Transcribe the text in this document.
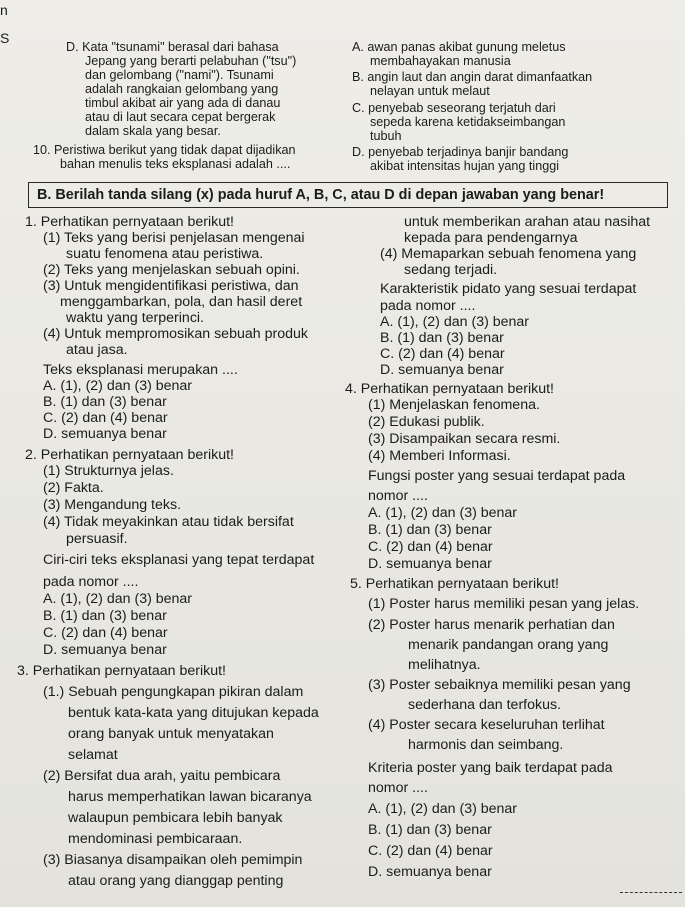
n
S
D. Kata "tsunami" berasal dari bahasa
Jepang yang berarti pelabuhan ("tsu")
dan gelombang ("nami"). Tsunami
adalah rangkaian gelombang yang
timbul akibat air yang ada di danau
atau di laut secara cepat bergerak
dalam skala yang besar.
10. Peristiwa berikut yang tidak dapat dijadikan
bahan menulis teks eksplanasi adalah ....
A. awan panas akibat gunung meletus
membahayakan manusia
B. angin laut dan angin darat dimanfaatkan
nelayan untuk melaut
C. penyebab seseorang terjatuh dari
sepeda karena ketidakseimbangan
tubuh
D. penyebab terjadinya banjir bandang
akibat intensitas hujan yang tinggi
B. Berilah tanda silang (x) pada huruf A, B, C, atau D di depan jawaban yang benar!
1. Perhatikan pernyataan berikut!
(1) Teks yang berisi penjelasan mengenai
suatu fenomena atau peristiwa.
(2) Teks yang menjelaskan sebuah opini.
(3) Untuk mengidentifikasi peristiwa, dan
menggambarkan, pola, dan hasil deret
waktu yang terperinci.
(4) Untuk mempromosikan sebuah produk
atau jasa.
Teks eksplanasi merupakan ....
A. (1), (2) dan (3) benar
B. (1) dan (3) benar
C. (2) dan (4) benar
D. semuanya benar
2. Perhatikan pernyataan berikut!
(1) Strukturnya jelas.
(2) Fakta.
(3) Mengandung teks.
(4) Tidak meyakinkan atau tidak bersifat
persuasif.
Ciri-ciri teks eksplanasi yang tepat terdapat
pada nomor ....
A. (1), (2) dan (3) benar
B. (1) dan (3) benar
C. (2) dan (4) benar
D. semuanya benar
3. Perhatikan pernyataan berikut!
(1.) Sebuah pengungkapan pikiran dalam
bentuk kata-kata yang ditujukan kepada
orang banyak untuk menyatakan
selamat
(2) Bersifat dua arah, yaitu pembicara
harus memperhatikan lawan bicaranya
walaupun pembicara lebih banyak
mendominasi pembicaraan.
(3) Biasanya disampaikan oleh pemimpin
atau orang yang dianggap penting
untuk memberikan arahan atau nasihat
kepada para pendengarnya
(4) Memaparkan sebuah fenomena yang
sedang terjadi.
Karakteristik pidato yang sesuai terdapat
pada nomor ....
A. (1), (2) dan (3) benar
B. (1) dan (3) benar
C. (2) dan (4) benar
D. semuanya benar
4. Perhatikan pernyataan berikut!
(1) Menjelaskan fenomena.
(2) Edukasi publik.
(3) Disampaikan secara resmi.
(4) Memberi Informasi.
Fungsi poster yang sesuai terdapat pada
nomor ....
A. (1), (2) dan (3) benar
B. (1) dan (3) benar
C. (2) dan (4) benar
D. semuanya benar
5. Perhatikan pernyataan berikut!
(1) Poster harus memiliki pesan yang jelas.
(2) Poster harus menarik perhatian dan
menarik pandangan orang yang
melihatnya.
(3) Poster sebaiknya memiliki pesan yang
sederhana dan terfokus.
(4) Poster secara keseluruhan terlihat
harmonis dan seimbang.
Kriteria poster yang baik terdapat pada
nomor ....
A. (1), (2) dan (3) benar
B. (1) dan (3) benar
C. (2) dan (4) benar
D. semuanya benar
